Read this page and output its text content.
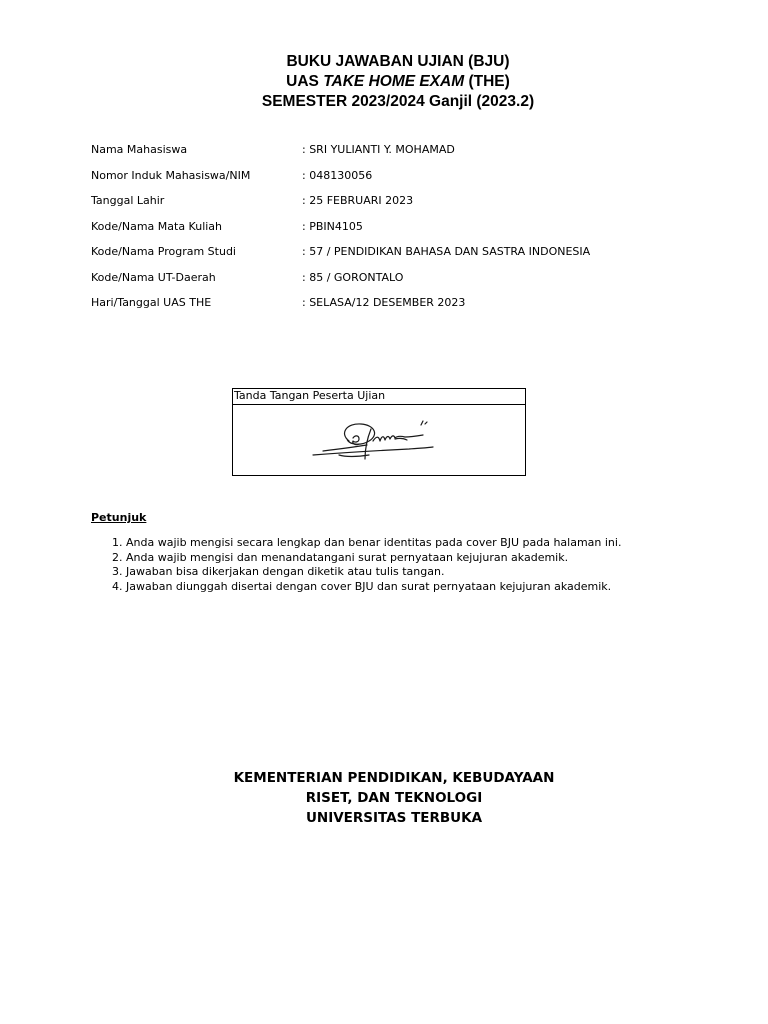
BUKU JAWABAN UJIAN (BJU)
UAS TAKE HOME EXAM (THE)
SEMESTER 2023/2024 Ganjil (2023.2)
Nama Mahasiswa	: SRI YULIANTI Y. MOHAMAD
Nomor Induk Mahasiswa/NIM	: 048130056
Tanggal Lahir	: 25 FEBRUARI 2023
Kode/Nama Mata Kuliah	: PBIN4105
Kode/Nama Program Studi	: 57 / PENDIDIKAN BAHASA DAN SASTRA INDONESIA
Kode/Nama UT-Daerah	: 85 / GORONTALO
Hari/Tanggal UAS THE	: SELASA/12 DESEMBER 2023
Tanda Tangan Peserta Ujian
Petunjuk
1. Anda wajib mengisi secara lengkap dan benar identitas pada cover BJU pada halaman ini.
2. Anda wajib mengisi dan menandatangani surat pernyataan kejujuran akademik.
3. Jawaban bisa dikerjakan dengan diketik atau tulis tangan.
4. Jawaban diunggah disertai dengan cover BJU dan surat pernyataan kejujuran akademik.
KEMENTERIAN PENDIDIKAN, KEBUDAYAAN
RISET, DAN TEKNOLOGI
UNIVERSITAS TERBUKA
